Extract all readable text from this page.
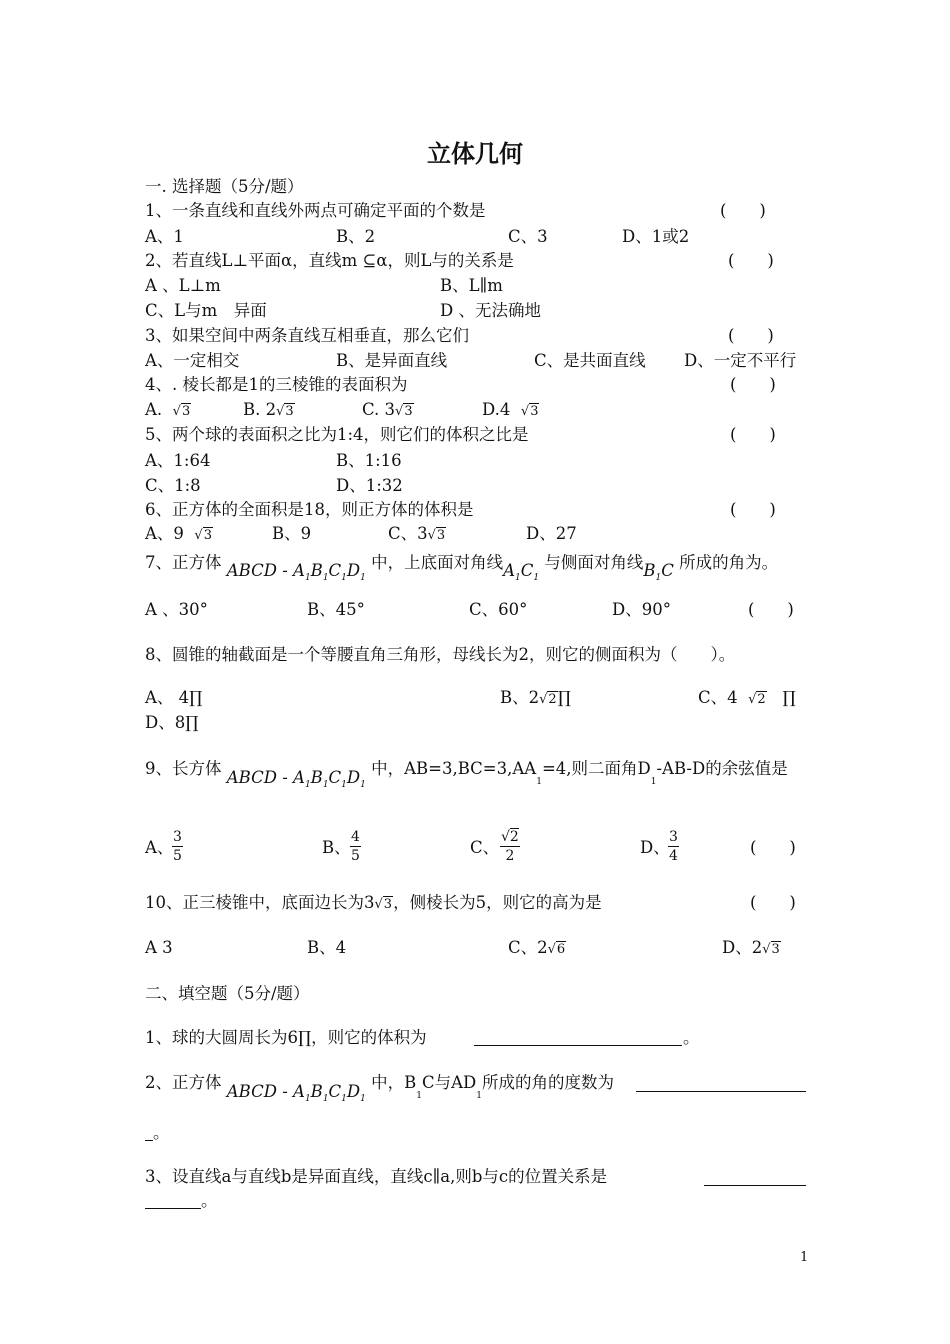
立体几何
一. 选择题（5分/题）
1、一条直线和直线外两点可确定平面的个数是	(　　)
A、1	B、2	C、3	D、1或2
2、若直线L⊥平面α，直线m ⊆α，则L与的关系是	(　　)
A 、L⊥m	B、L∥m
C、L与m　异面	D 、无法确地
3、如果空间中两条直线互相垂直，那么它们	(　　)
A、一定相交	B、是异面直线	C、是共面直线 D、一定不平行
4、. 棱长都是1的三棱锥的表面积为	(　　)
A. √3	B. 2√3	C. 3√3	D.4 √3
5、两个球的表面积之比为1:4，则它们的体积之比是	(　　)
A、1:64	B、1:16
C、1:8	D、1:32
6、正方体的全面积是18，则正方体的体积是	(　　)
A、9 √3	B、9	C、3√3	D、27
7、正方体 ABCD - $A_1B_1C_1D_1$ 中，上底面对角线$A_1C_1$ 与侧面对角线$B_1C$ 所成的角为。
A 、30°	B、45°	C、60°	D、90°	(　　)
8、圆锥的轴截面是一个等腰直角三角形，母线长为2，则它的侧面积为（　　）。
A、 4∏	B、2√2∏	C、4 √2 ∏
D、8∏
9、长方体 ABCD - $A_1B_1C_1D_1$ 中，$AB=3,BC=3,AA_1=4$,则二面角$D_1-AB-D$的余弦值是
A、
$\frac{3}{5}$	B、 $\frac{4}{5}$	C、 $\frac{√2}{2}$	D、
$\frac{3}{4}$	(　　)
10、正三棱锥中，底面边长为3√3，侧棱长为5，则它的高为是	(　　)
A 3	B、4	C、2√6	D、2√3
二、填空题（5分/题）
1、球的大圆周长为6∏，则它的体积为	。
2、正方体 ABCD - $A_1B_1C_1D_1$ 中，$B_1C$与$AD_1$所成的角的度数为
。
3、设直线a与直线b是异面直线，直线c∥a,则b与c的位置关系是
。
1
